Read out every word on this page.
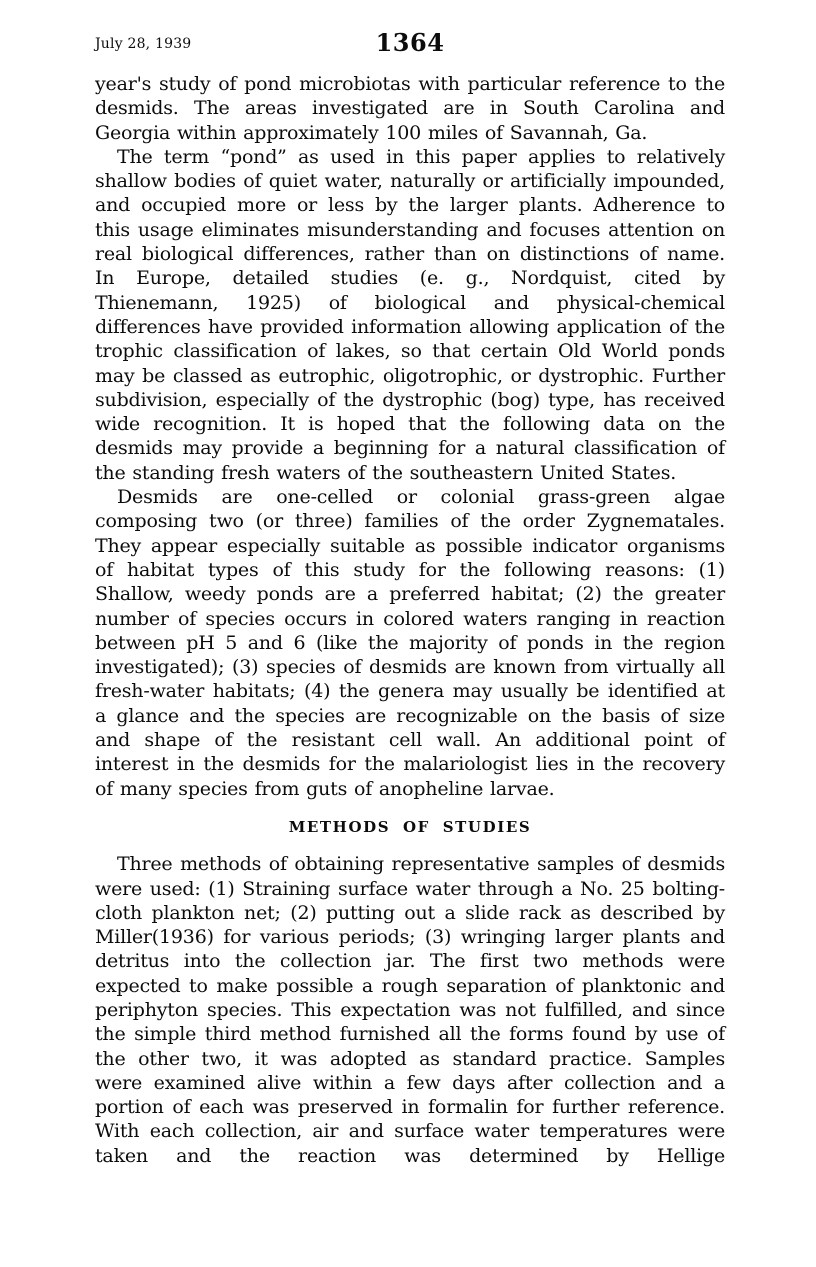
July 28, 1939	1364

year's study of pond microbiotas with particular reference to the desmids. The areas investigated are in South Carolina and Georgia within approximately 100 miles of Savannah, Ga.

The term “pond” as used in this paper applies to relatively shallow bodies of quiet water, naturally or artificially impounded, and occupied more or less by the larger plants. Adherence to this usage eliminates misunderstanding and focuses attention on real biological differences, rather than on distinctions of name. In Europe, detailed studies (e. g., Nordquist, cited by Thienemann, 1925) of biological and physical-chemical differences have provided information allowing application of the trophic classification of lakes, so that certain Old World ponds may be classed as eutrophic, oligotrophic, or dystrophic. Further subdivision, especially of the dystrophic (bog) type, has received wide recognition. It is hoped that the following data on the desmids may provide a beginning for a natural classification of the standing fresh waters of the southeastern United States.

Desmids are one-celled or colonial grass-green algae composing two (or three) families of the order Zygnematales. They appear especially suitable as possible indicator organisms of habitat types of this study for the following reasons: (1) Shallow, weedy ponds are a preferred habitat; (2) the greater number of species occurs in colored waters ranging in reaction between pH 5 and 6 (like the majority of ponds in the region investigated); (3) species of desmids are known from virtually all fresh-water habitats; (4) the genera may usually be identified at a glance and the species are recognizable on the basis of size and shape of the resistant cell wall. An additional point of interest in the desmids for the malariologist lies in the recovery of many species from guts of anopheline larvae.

METHODS OF STUDIES

Three methods of obtaining representative samples of desmids were used: (1) Straining surface water through a No. 25 bolting-cloth plankton net; (2) putting out a slide rack as described by Miller(1936) for various periods; (3) wringing larger plants and detritus into the collection jar. The first two methods were expected to make possible a rough separation of planktonic and periphyton species. This expectation was not fulfilled, and since the simple third method furnished all the forms found by use of the other two, it was adopted as standard practice. Samples were examined alive within a few days after collection and a portion of each was preserved in formalin for further reference. With each collection, air and surface water temperatures were taken and the reaction was determined by Hellige
